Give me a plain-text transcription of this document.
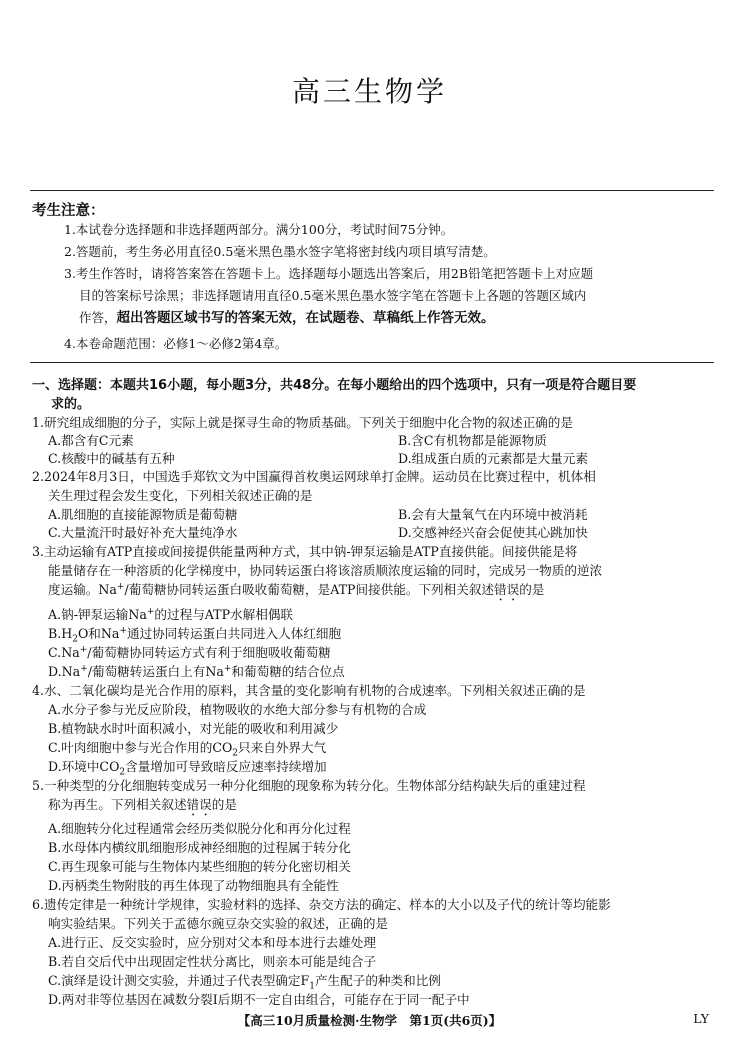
高三生物学
考生注意：
1.本试卷分选择题和非选择题两部分。满分100分，考试时间75分钟。
2.答题前，考生务必用直径0.5毫米黑色墨水签字笔将密封线内项目填写清楚。
3.考生作答时，请将答案答在答题卡上。选择题每小题选出答案后，用2B铅笔把答题卡上对应题
目的答案标号涂黑；非选择题请用直径0.5毫米黑色墨水签字笔在答题卡上各题的答题区域内
作答，超出答题区域书写的答案无效，在试题卷、草稿纸上作答无效。
4.本卷命题范围：必修1～必修2第4章。
一、选择题：本题共16小题，每小题3分，共48分。在每小题给出的四个选项中，只有一项是符合题目要
求的。
1.研究组成细胞的分子，实际上就是探寻生命的物质基础。下列关于细胞中化合物的叙述正确的是
A.都含有C元素	B.含C有机物都是能源物质
C.核酸中的碱基有五种	D.组成蛋白质的元素都是大量元素
2.2024年8月3日，中国选手郑钦文为中国赢得首枚奥运网球单打金牌。运动员在比赛过程中，机体相
关生理过程会发生变化，下列相关叙述正确的是
A.肌细胞的直接能源物质是葡萄糖	B.会有大量氧气在内环境中被消耗
C.大量流汗时最好补充大量纯净水	D.交感神经兴奋会促使其心跳加快
3.主动运输有ATP直接或间接提供能量两种方式，其中钠-钾泵运输是ATP直接供能。间接供能是将
能量储存在一种溶质的化学梯度中，协同转运蛋白将该溶质顺浓度运输的同时，完成另一物质的逆浓
度运输。Na+/葡萄糖协同转运蛋白吸收葡萄糖，是ATP间接供能。下列相关叙述错误的是
A.钠-钾泵运输Na+的过程与ATP水解相偶联
$B.H_2O$和Na+通过协同转运蛋白共同进入人体红细胞
C.Na+/葡萄糖协同转运方式有利于细胞吸收葡萄糖
D.Na+/葡萄糖转运蛋白上有Na+和葡萄糖的结合位点
4.水、二氧化碳均是光合作用的原料，其含量的变化影响有机物的合成速率。下列相关叙述正确的是
A.水分子参与光反应阶段，植物吸收的水绝大部分参与有机物的合成
B.植物缺水时叶面积减小，对光能的吸收和利用减少
C.叶肉细胞中参与光合作用的$CO_2$只来自外界大气
D.环境中$CO_2$含量增加可导致暗反应速率持续增加
5.一种类型的分化细胞转变成另一种分化细胞的现象称为转分化。生物体部分结构缺失后的重建过程
称为再生。下列相关叙述错误的是
A.细胞转分化过程通常会经历类似脱分化和再分化过程
B.水母体内横纹肌细胞形成神经细胞的过程属于转分化
C.再生现象可能与生物体内某些细胞的转分化密切相关
D.丙柄类生物附肢的再生体现了动物细胞具有全能性
6.遗传定律是一种统计学规律，实验材料的选择、杂交方法的确定、样本的大小以及子代的统计等均能影
响实验结果。下列关于孟德尔豌豆杂交实验的叙述，正确的是
A.进行正、反交实验时，应分别对父本和母本进行去雄处理
B.若自交后代中出现固定性状分离比，则亲本可能是纯合子
C.演绎是设计测交实验，并通过子代表型确定$F_1$产生配子的种类和比例
D.两对非等位基因在减数分裂Ⅰ后期不一定自由组合，可能存在于同一配子中
【高三10月质量检测·生物学　第1页(共6页)】	LY
